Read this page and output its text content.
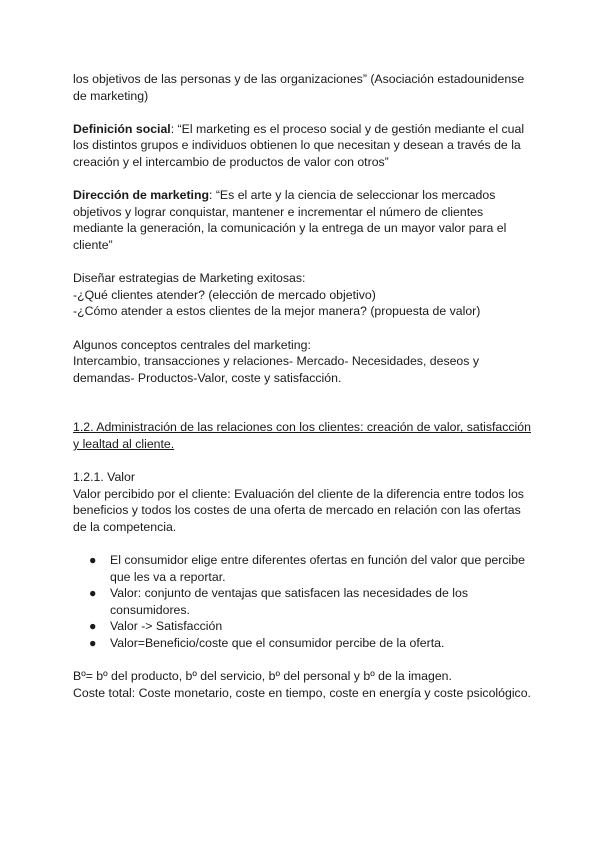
los objetivos de las personas y de las organizaciones” (Asociación estadounidense

de marketing)

Definición social: “El marketing es el proceso social y de gestión mediante el cual los distintos grupos e individuos obtienen lo que necesitan y desean a través de la creación y el intercambio de productos de valor con otros”

Dirección de marketing: “Es el arte y la ciencia de seleccionar los mercados objetivos y lograr conquistar, mantener e incrementar el número de clientes mediante la generación, la comunicación y la entrega de un mayor valor para el cliente”

Diseñar estrategias de Marketing exitosas:

-¿Qué clientes atender? (elección de mercado objetivo)

-¿Cómo atender a estos clientes de la mejor manera? (propuesta de valor)

Algunos conceptos centrales del marketing:

Intercambio, transacciones y relaciones- Mercado- Necesidades, deseos y demandas- Productos-Valor, coste y satisfacción.

1.2. Administración de las relaciones con los clientes: creación de valor, satisfacción y lealtad al cliente.

1.2.1. Valor

Valor percibido por el cliente: Evaluación del cliente de la diferencia entre todos los beneficios y todos los costes de una oferta de mercado en relación con las ofertas de la competencia.

● El consumidor elige entre diferentes ofertas en función del valor que percibe que les va a reportar.
● Valor: conjunto de ventajas que satisfacen las necesidades de los consumidores.
● Valor -> Satisfacción
● Valor=Beneficio/coste que el consumidor percibe de la oferta.

Bº= bº del producto, bº del servicio, bº del personal y bº de la imagen.

Coste total: Coste monetario, coste en tiempo, coste en energía y coste psicológico.
